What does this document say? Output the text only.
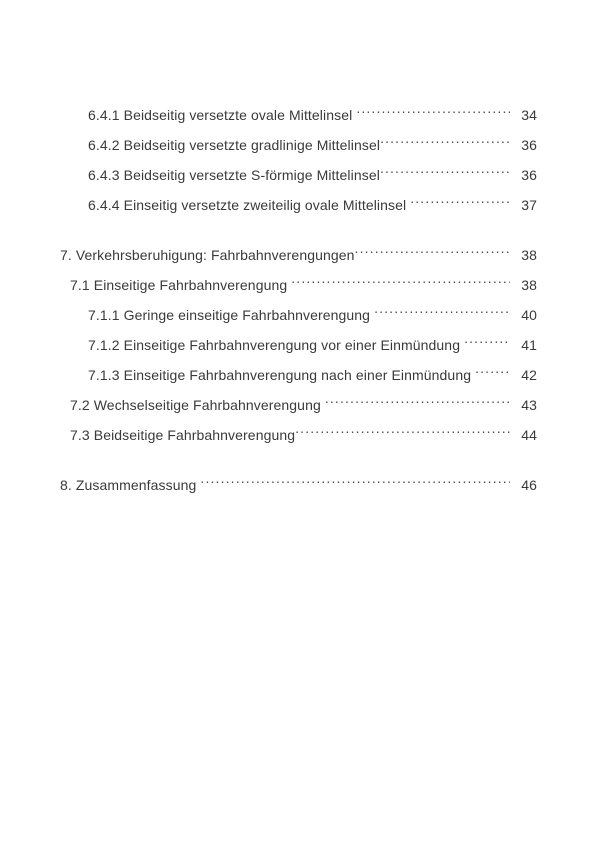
6.4.1 Beidseitig versetzte ovale Mittelinsel .....	34
6.4.2 Beidseitig versetzte gradlinige Mittelinsel .....	36
6.4.3 Beidseitig versetzte S-förmige Mittelinsel .....	36
6.4.4 Einseitig versetzte zweiteilig ovale Mittelinsel .....	37
7. Verkehrsberuhigung: Fahrbahnverengungen .....	38
7.1 Einseitige Fahrbahnverengung .....	38
7.1.1 Geringe einseitige Fahrbahnverengung .....	40
7.1.2 Einseitige Fahrbahnverengung vor einer Einmündung .....	41
7.1.3 Einseitige Fahrbahnverengung nach einer Einmündung .....	42
7.2 Wechselseitige Fahrbahnverengung .....	43
7.3 Beidseitige Fahrbahnverengung .....	44
8. Zusammenfassung .....	46
